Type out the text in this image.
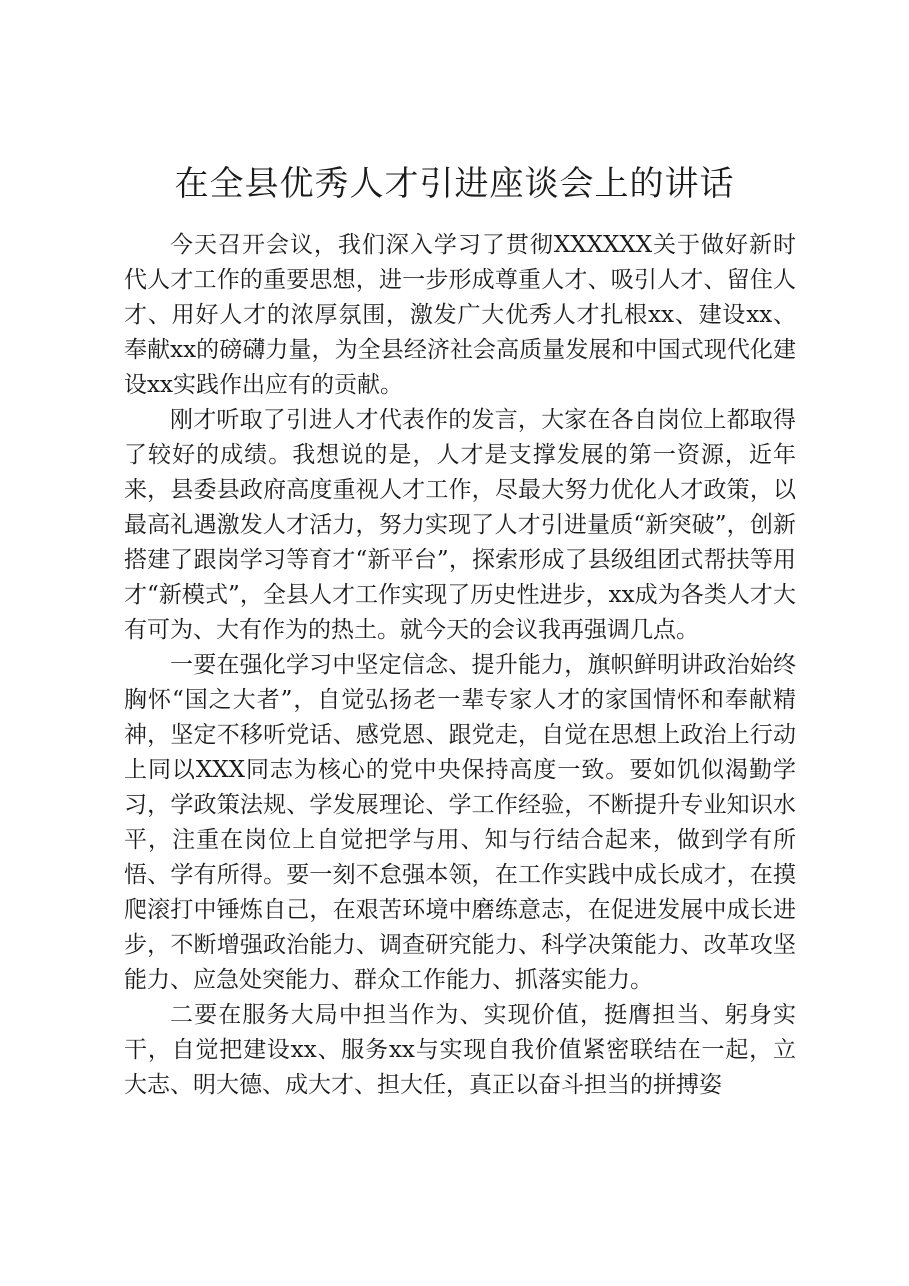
在全县优秀人才引进座谈会上的讲话

今天召开会议，我们深入学习了贯彻XXXXXX关于做好新时代人才工作的重要思想，进一步形成尊重人才、吸引人才、留住人才、用好人才的浓厚氛围，激发广大优秀人才扎根xx、建设xx、奉献xx的磅礴力量，为全县经济社会高质量发展和中国式现代化建设xx实践作出应有的贡献。

刚才听取了引进人才代表作的发言，大家在各自岗位上都取得了较好的成绩。我想说的是，人才是支撑发展的第一资源，近年来，县委县政府高度重视人才工作，尽最大努力优化人才政策，以最高礼遇激发人才活力，努力实现了人才引进量质“新突破”，创新搭建了跟岗学习等育才“新平台”，探索形成了县级组团式帮扶等用才“新模式”，全县人才工作实现了历史性进步，xx成为各类人才大有可为、大有作为的热土。就今天的会议我再强调几点。

一要在强化学习中坚定信念、提升能力，旗帜鲜明讲政治始终胸怀“国之大者”，自觉弘扬老一辈专家人才的家国情怀和奉献精神，坚定不移听党话、感党恩、跟党走，自觉在思想上政治上行动上同以XXX同志为核心的党中央保持高度一致。要如饥似渴勤学习，学政策法规、学发展理论、学工作经验，不断提升专业知识水平，注重在岗位上自觉把学与用、知与行结合起来，做到学有所悟、学有所得。要一刻不怠强本领，在工作实践中成长成才，在摸爬滚打中锤炼自己，在艰苦环境中磨练意志，在促进发展中成长进步，不断增强政治能力、调查研究能力、科学决策能力、改革攻坚能力、应急处突能力、群众工作能力、抓落实能力。

二要在服务大局中担当作为、实现价值，挺膺担当、躬身实干，自觉把建设xx、服务xx与实现自我价值紧密联结在一起，立大志、明大德、成大才、担大任，真正以奋斗担当的拼搏姿
